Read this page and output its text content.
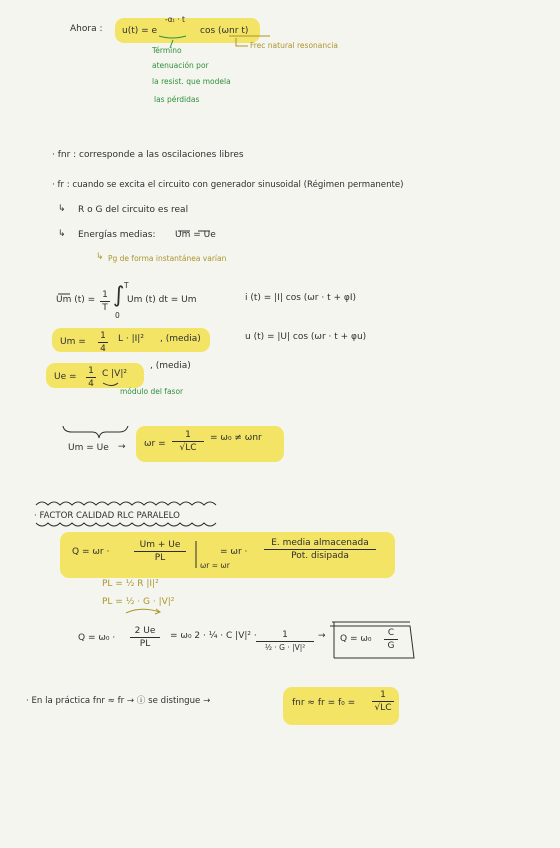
Ahora : u(t) = e
-αₜ · t
cos (ωnr t)
Frec natural resonancia
Término
atenuación por
la resist. que modela
las pérdidas
· fnr : corresponde a las oscilaciones libres
· fr : cuando se excita el circuito con generador sinusoidal (Régimen permanente)
↳ R o G del circuito es real
↳ Energías medias: Um = Ue
↳ Pg de forma instantánea varían
Um (t) = 1
T ∫ T
0
Um (t) dt = Um	i (t) = |I| cos (ωr · t + φI)
Um =
1
4
L · |I|² , (media)	u (t) = |U| cos (ωr · t + φu)
Ue =
1
4
C |V|²
, (media)
módulo del fasor
Um = Ue → ωr =
1
√LC
= ω₀ ≠ ωnr
· FACTOR CALIDAD RLC PARALELO
Q = ωr ·
Um + Ue
PL
ωr = ωr
= ωr ·
E. media almacenada
Pot. disipada
PL = ½ R |I|²
PL = ½ · G · |V|²
Q = ω₀ ·
2 Ue
PL
= ω₀ 2 · ¼ · C |V|² ·	1
½ · G · |V|²
→ Q = ω₀
C
G
· En la práctica fnr ≈ fr → ⓘ se distingue →	fnr ≈ fr = f₀ =
1
√LC
